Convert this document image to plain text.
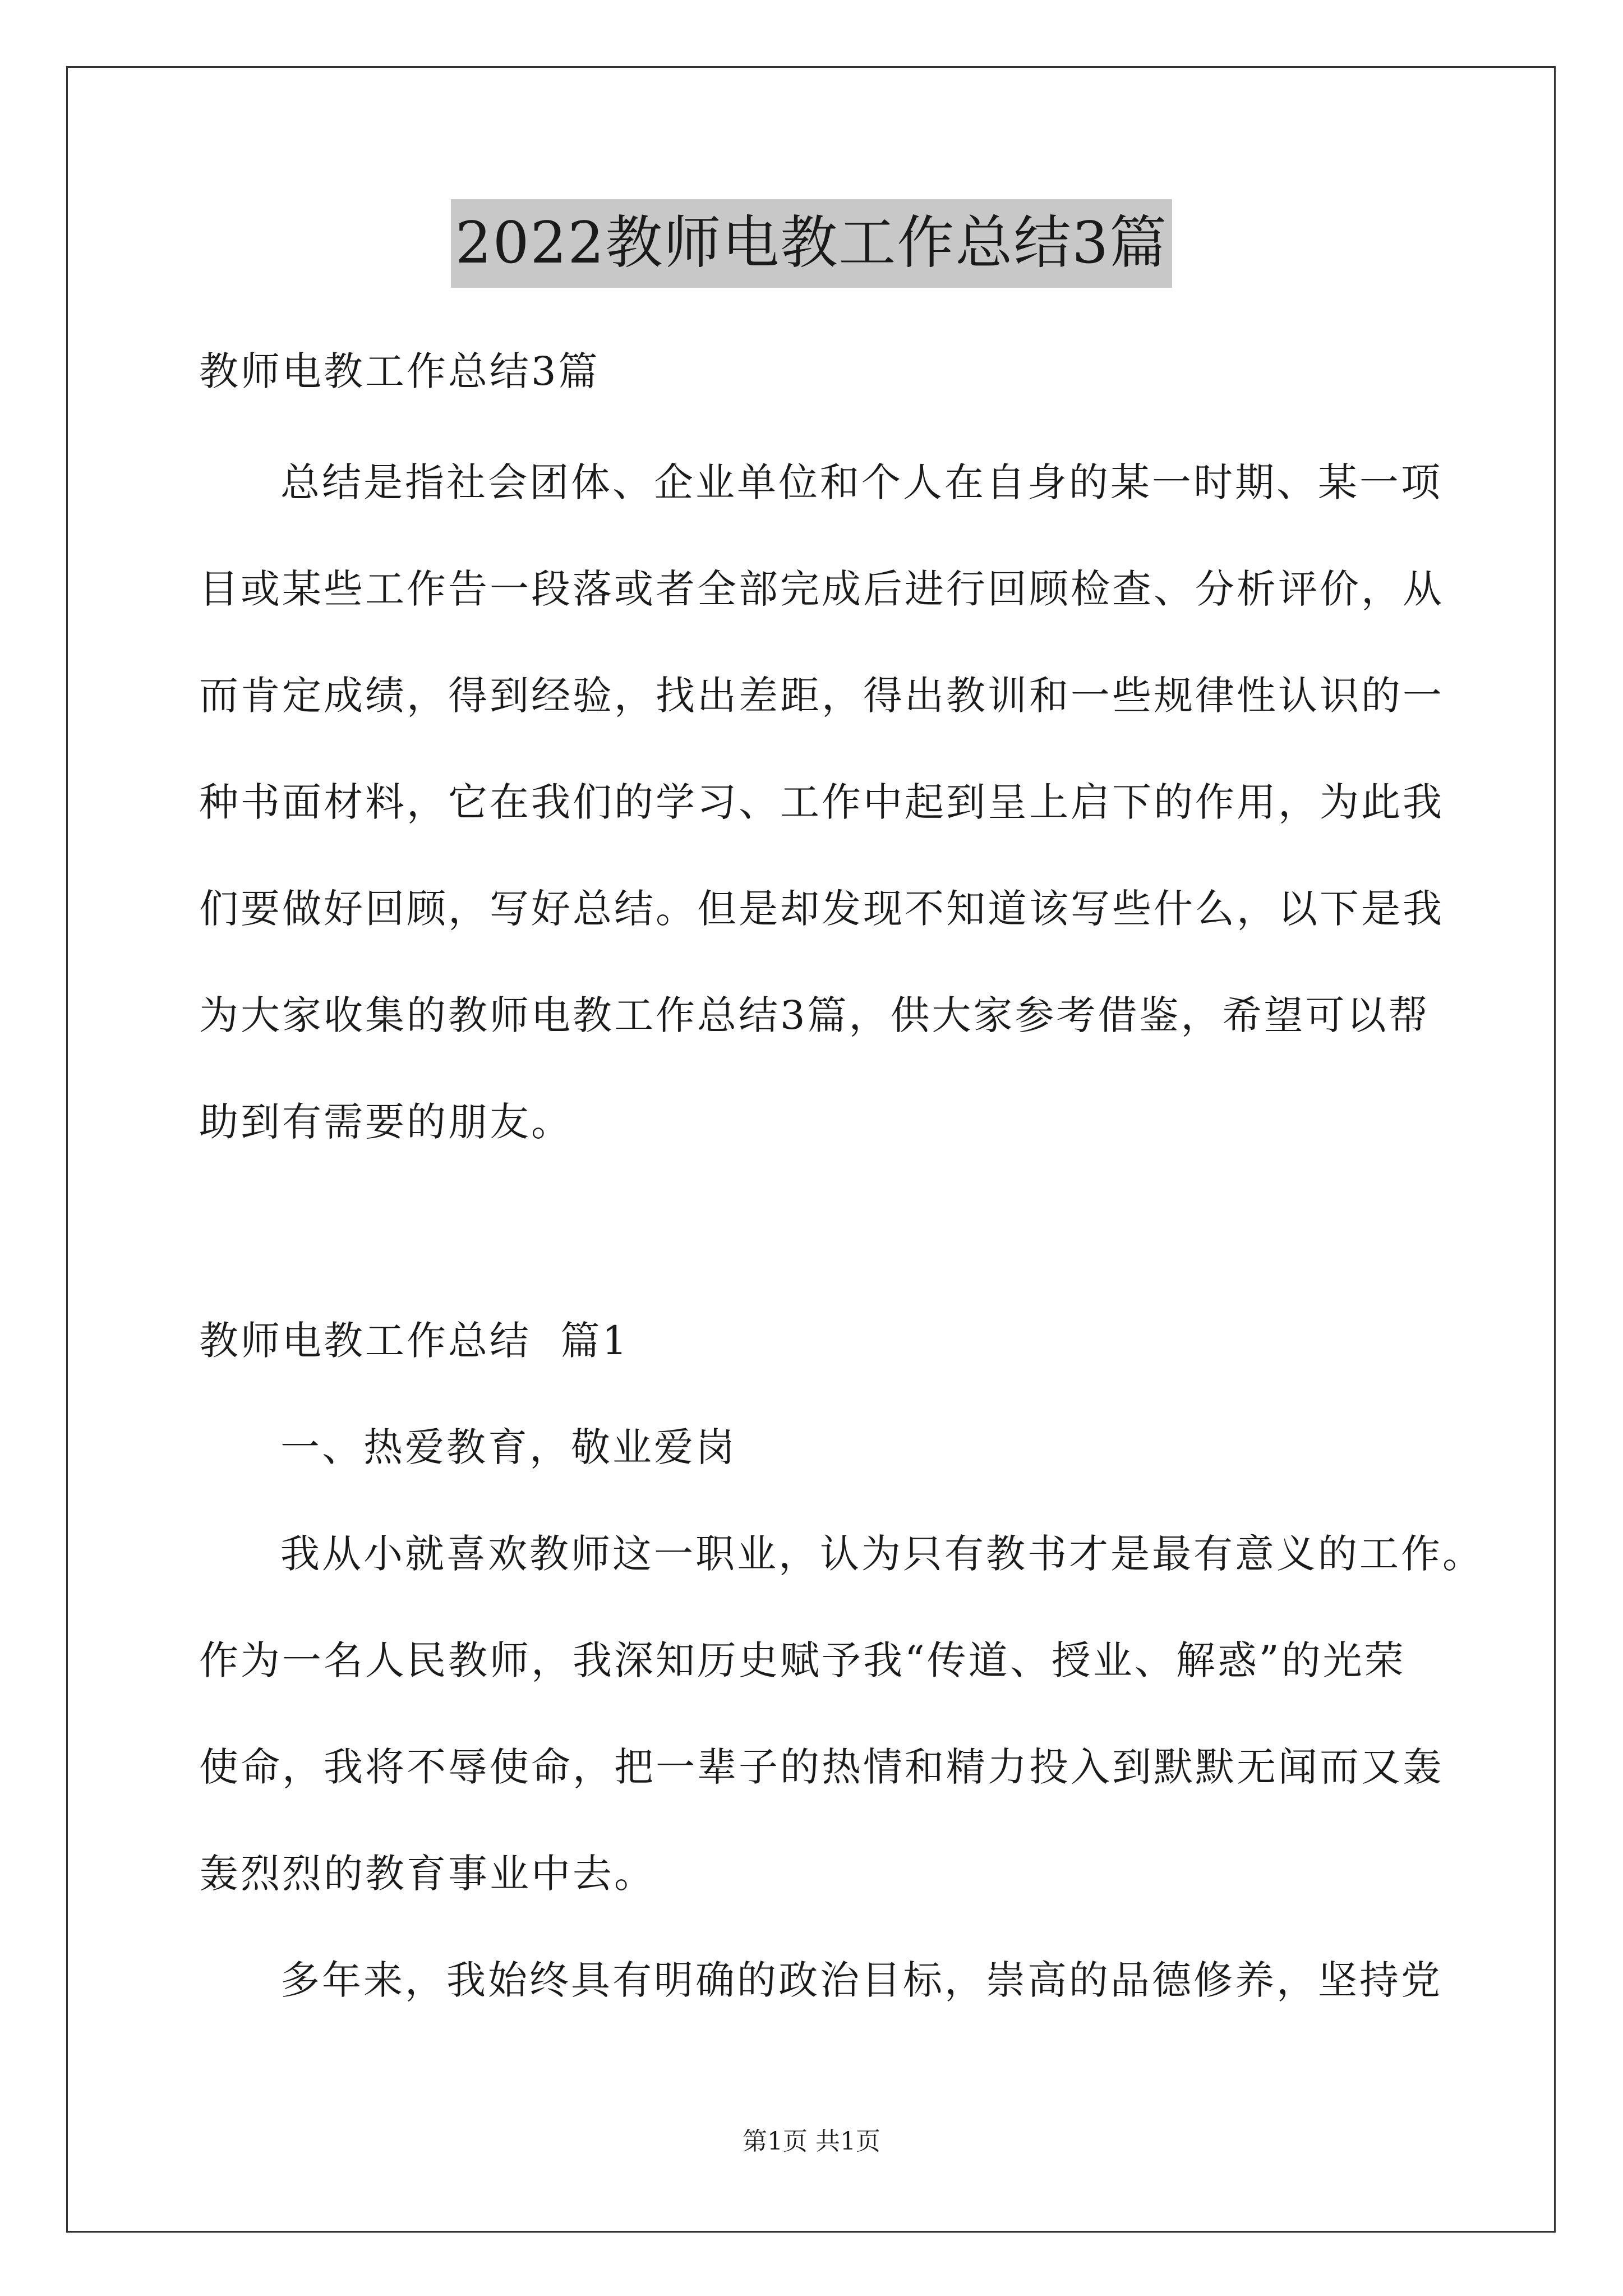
2022教师电教工作总结3篇
教师电教工作总结3篇
总结是指社会团体、企业单位和个人在自身的某一时期、某一项
目或某些工作告一段落或者全部完成后进行回顾检查、分析评价，从
而肯定成绩，得到经验，找出差距，得出教训和一些规律性认识的一
种书面材料，它在我们的学习、工作中起到呈上启下的作用，为此我
们要做好回顾，写好总结。但是却发现不知道该写些什么，以下是我
为大家收集的教师电教工作总结3篇，供大家参考借鉴，希望可以帮
助到有需要的朋友。
教师电教工作总结  篇1
一、热爱教育，敬业爱岗
我从小就喜欢教师这一职业，认为只有教书才是最有意义的工作。
作为一名人民教师，我深知历史赋予我“传道、授业、解惑”的光荣
使命，我将不辱使命，把一辈子的热情和精力投入到默默无闻而又轰
轰烈烈的教育事业中去。
多年来，我始终具有明确的政治目标，崇高的品德修养，坚持党
第1页 共1页
